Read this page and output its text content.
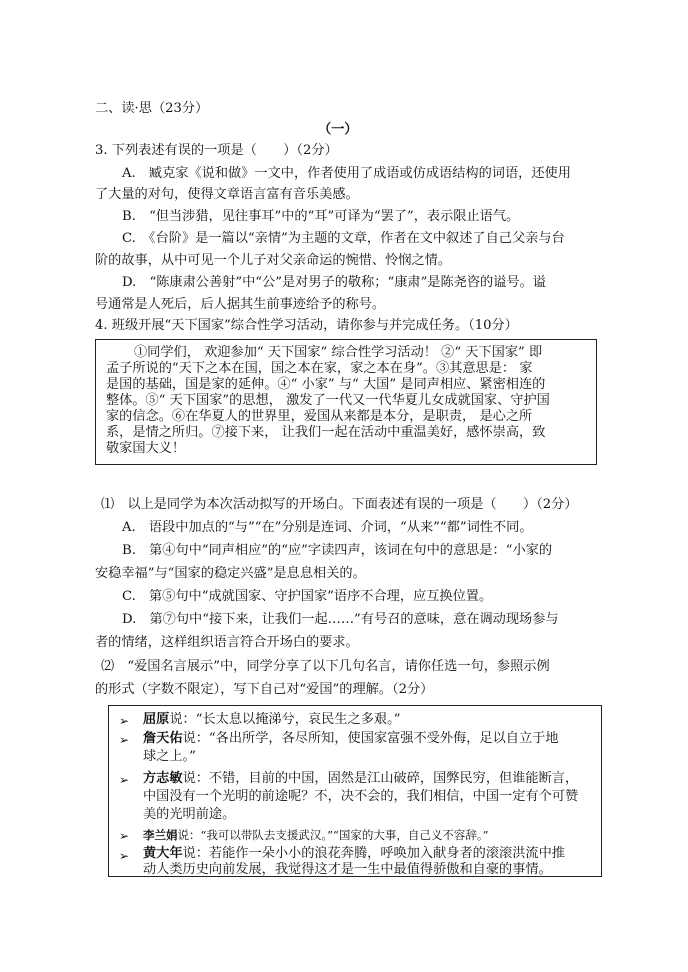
二、读·思（23分）
（一）
3. 下列表述有误的一项是（　　）（2分）
A.　臧克家《说和做》一文中，作者使用了成语或仿成语结构的词语，还使用
了大量的对句，使得文章语言富有音乐美感。
B.　“但当涉猎，见往事耳”中的“耳”可译为“罢了”，表示限止语气。
C.　《台阶》是一篇以“亲情”为主题的文章，作者在文中叙述了自己父亲与台
阶的故事，从中可见一个儿子对父亲命运的惋惜、怜悯之情。
D.　“陈康肃公善射”中“公”是对男子的敬称；“康肃”是陈尧咨的谥号。谥
号通常是人死后，后人据其生前事迹给予的称号。
4. 班级开展“天下国家”综合性学习活动，请你参与并完成任务。（10分）
①同学们， 欢迎参加“ 天下国家” 综合性学习活动！ ②“ 天下国家” 即
孟子所说的“天下之本在国，国之本在家，家之本在身”。③其意思是： 家
是国的基础，国是家的延伸。④“ 小家” 与“ 大国” 是同声相应、紧密相连的
整体。⑤“ 天下国家”的思想， 激发了一代又一代华夏儿女成就国家、守护国
家的信念。⑥在华夏人的世界里，爱国从来都是本分，是职责， 是心之所
系，是情之所归。⑦接下来， 让我们一起在活动中重温美好，感怀崇高，致
敬家国大义！
⑴　以上是同学为本次活动拟写的开场白。下面表述有误的一项是（　　）（2分）
A.　语段中加点的“与”“在”分别是连词、介词，“从来”“都”词性不同。
B.　第④句中“同声相应”的“应”字读四声，该词在句中的意思是：“小家的
安稳幸福”与“国家的稳定兴盛”是息息相关的。
C.　第⑤句中“成就国家、守护国家”语序不合理，应互换位置。
D.　第⑦句中“接下来，让我们一起……”有号召的意味，意在调动现场参与
者的情绪，这样组织语言符合开场白的要求。
⑵　“爱国名言展示”中，同学分享了以下几句名言，请你任选一句，参照示例
的形式（字数不限定），写下自己对“爱国”的理解。（2分）
➢ 屈原说：“长太息以掩涕兮，哀民生之多艰。”
➢ 詹天佑说：“各出所学，各尽所知，使国家富强不受外侮，足以自立于地
球之上。”
➢ 方志敏说：不错，目前的中国，固然是江山破碎，国弊民穷，但谁能断言，
中国没有一个光明的前途呢？不，决不会的，我们相信，中国一定有个可赞
美的光明前途。
➢ 李兰娟说：“我可以带队去支援武汉。”“国家的大事，自己义不容辞。”
➢ 黄大年说：若能作一朵小小的浪花奔腾，呼唤加入献身者的滚滚洪流中推
动人类历史向前发展，我觉得这才是一生中最值得骄傲和自豪的事情。
